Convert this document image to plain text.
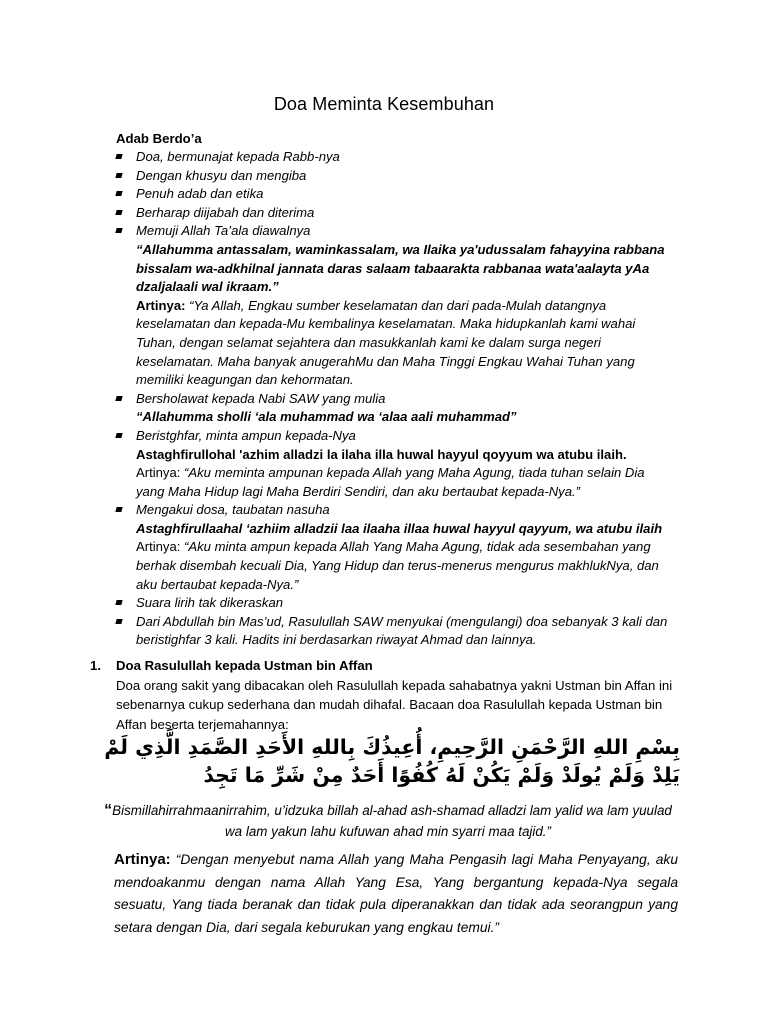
Doa Meminta Kesembuhan
Adab Berdo’a
Doa, bermunajat kepada Rabb-nya
Dengan khusyu dan mengiba
Penuh adab dan etika
Berharap diijabah dan diterima
Memuji Allah Ta’ala diawalnya
“Allahumma antassalam, waminkassalam, wa Ilaika ya'udussalam fahayyina rabbana bissalam wa-adkhilnal jannata daras salaam tabaarakta rabbanaa wata'aalayta yAa dzaljalaali wal ikraam.”
Artinya: “Ya Allah, Engkau sumber keselamatan dan dari pada-Mulah datangnya keselamatan dan kepada-Mu kembalinya keselamatan. Maka hidupkanlah kami wahai Tuhan, dengan selamat sejahtera dan masukkanlah kami ke dalam surga negeri keselamatan. Maha banyak anugerahMu dan Maha Tinggi Engkau Wahai Tuhan yang memiliki keagungan dan kehormatan.
Bersholawat kepada Nabi SAW yang mulia
“Allahumma sholli ‘ala muhammad wa ‘alaa aali muhammad”
Beristghfar, minta ampun kepada-Nya
Astaghfirullohal 'azhim alladzi la ilaha illa huwal hayyul qoyyum wa atubu ilaih.
Artinya: “Aku meminta ampunan kepada Allah yang Maha Agung, tiada tuhan selain Dia yang Maha Hidup lagi Maha Berdiri Sendiri, dan aku bertaubat kepada-Nya.”
Mengakui dosa, taubatan nasuha
Astaghfirullaahal ‘azhiim alladzii laa ilaaha illaa huwal hayyul qayyum, wa atubu ilaih
Artinya: “Aku minta ampun kepada Allah Yang Maha Agung, tidak ada sesembahan yang berhak disembah kecuali Dia, Yang Hidup dan terus-menerus mengurus makhlukNya, dan aku bertaubat kepada-Nya.”
Suara lirih tak dikeraskan
Dari Abdullah bin Mas’ud, Rasulullah SAW menyukai (mengulangi) doa sebanyak 3 kali dan beristighfar 3 kali. Hadits ini berdasarkan riwayat Ahmad dan lainnya.
1. Doa Rasulullah kepada Ustman bin Affan
Doa orang sakit yang dibacakan oleh Rasulullah kepada sahabatnya yakni Ustman bin Affan ini sebenarnya cukup sederhana dan mudah dihafal. Bacaan doa Rasulullah kepada Ustman bin Affan beserta terjemahannya:
بِسْمِ اللهِ الرَّحْمَنِ الرَّحِيمِ، أُعِيذُكَ بِاللهِ الأَحَدِ الصَّمَدِ الَّذِي لَمْ يَلِدْ وَلَمْ يُولَدْ وَلَمْ يَكُنْ لَهُ كُفُوًا أَحَدٌ مِنْ شَرِّ مَا تَجِدُ
“Bismillahirrahmaanirrahim, u’idzuka billah al-ahad ash-shamad alladzi lam yalid wa lam yuulad wa lam yakun lahu kufuwan ahad min syarri maa tajid.”
Artinya: “Dengan menyebut nama Allah yang Maha Pengasih lagi Maha Penyayang, aku mendoakanmu dengan nama Allah Yang Esa, Yang bergantung kepada-Nya segala sesuatu, Yang tiada beranak dan tidak pula diperanakkan dan tidak ada seorangpun yang setara dengan Dia, dari segala keburukan yang engkau temui.”
